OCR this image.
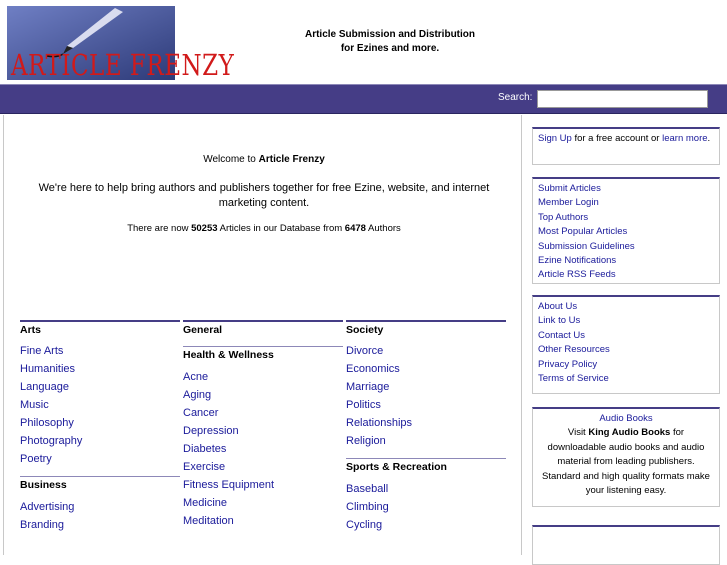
ARTICLE FRENZY
Article Submission and Distribution
for Ezines and more.
Search:

Welcome to Article Frenzy

We're here to help bring authors and publishers together for free Ezine, website, and internet marketing content.

There are now 50253 Articles in our Database from 6478 Authors

Arts
Fine Arts
Humanities
Language
Music
Philosophy
Photography
Poetry
Business
Advertising
Branding
General
Health & Wellness
Acne
Aging
Cancer
Depression
Diabetes
Exercise
Fitness Equipment
Medicine
Meditation
Society
Divorce
Economics
Marriage
Politics
Relationships
Religion
Sports & Recreation
Baseball
Climbing
Cycling
Sign Up for a free account or learn more.
Submit Articles
Member Login
Top Authors
Most Popular Articles
Submission Guidelines
Ezine Notifications
Article RSS Feeds
About Us
Link to Us
Contact Us
Other Resources
Privacy Policy
Terms of Service
Audio Books
Visit King Audio Books for downloadable audio books and audio material from leading publishers. Standard and high quality formats make your listening easy.
